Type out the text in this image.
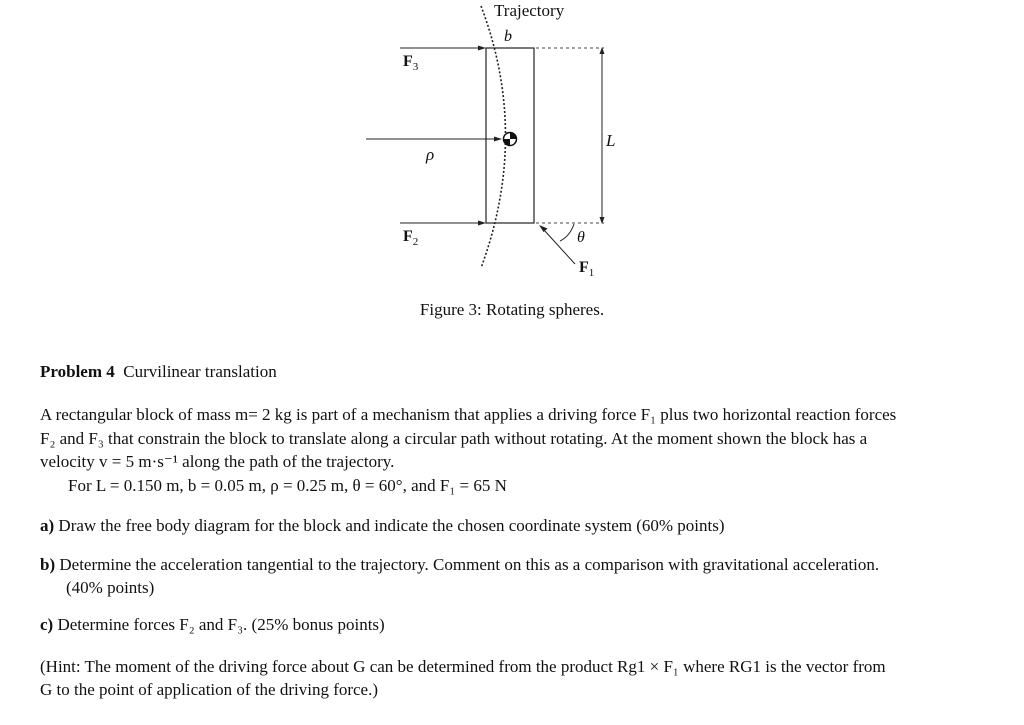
Trajectory
b
$F_3$
ρ
L
$F_2$	θ
$F_1$
Figure 3: Rotating spheres.
Problem 4 Curvilinear translation
A rectangular block of mass m= 2 kg is part of a mechanism that applies a driving force F₁ plus two horizontal reaction forces
F₂ and F₃ that constrain the block to translate along a circular path without rotating. At the moment shown the block has a
velocity v = 5 m·s⁻¹ along the path of the trajectory.
For L = 0.150 m, b = 0.05 m, ρ = 0.25 m, θ = 60°, and F₁ = 65 N
a) Draw the free body diagram for the block and indicate the chosen coordinate system (60% points)
b) Determine the acceleration tangential to the trajectory. Comment on this as a comparison with gravitational acceleration.
(40% points)
c) Determine forces F₂ and F₃. (25% bonus points)
(Hint: The moment of the driving force about G can be determined from the product Rg1 × F₁ where RG1 is the vector from
G to the point of application of the driving force.)
